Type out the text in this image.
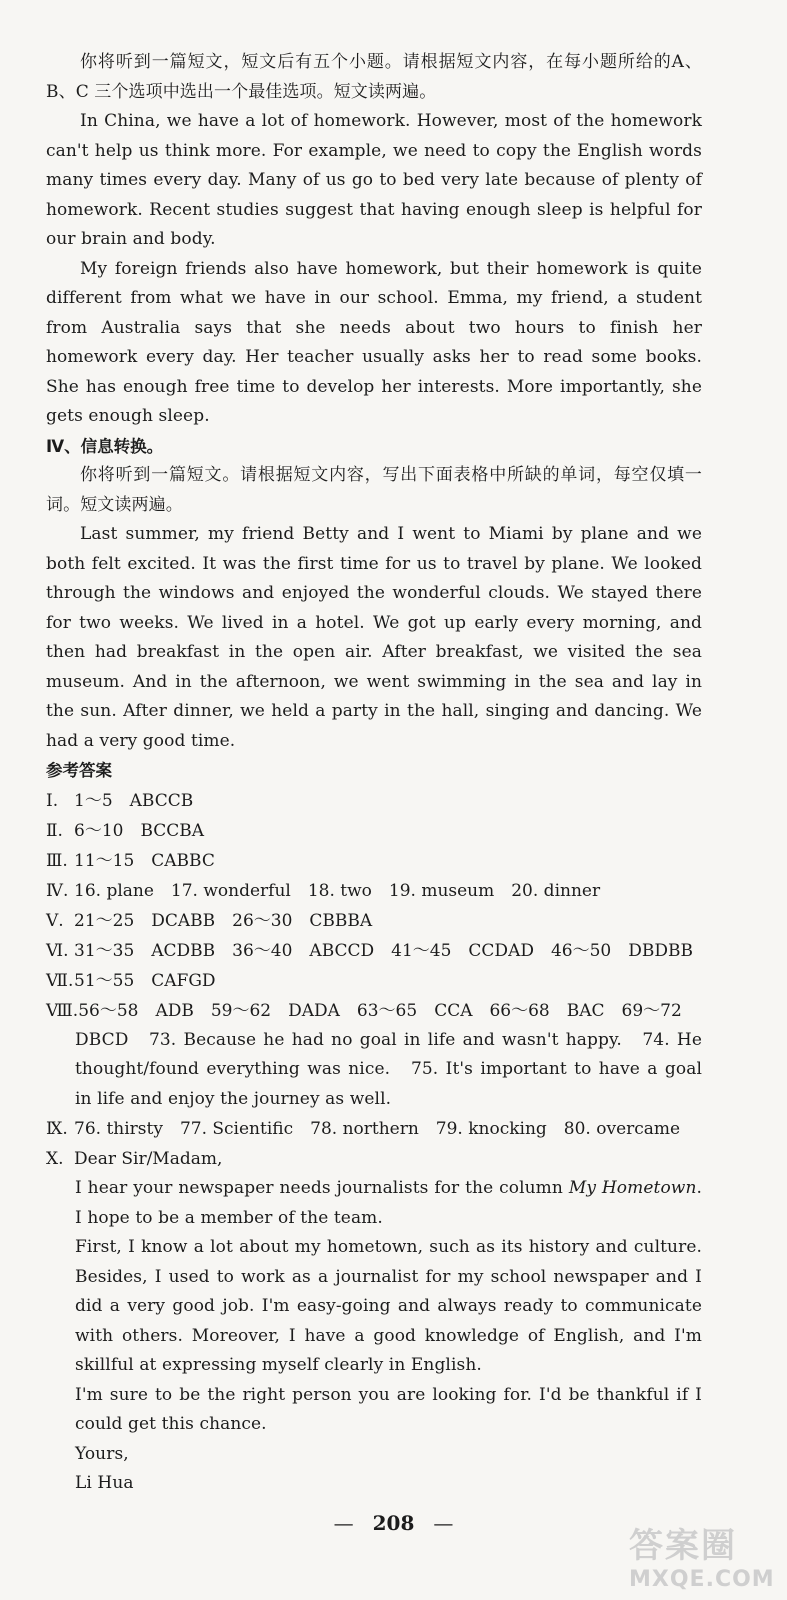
你将听到一篇短文，短文后有五个小题。请根据短文内容，在每小题所给的A、B、C 三个选项中选出一个最佳选项。短文读两遍。

In China, we have a lot of homework. However, most of the homework can't help us think more. For example, we need to copy the English words many times every day. Many of us go to bed very late because of plenty of homework. Recent studies suggest that having enough sleep is helpful for our brain and body.

My foreign friends also have homework, but their homework is quite different from what we have in our school. Emma, my friend, a student from Australia says that she needs about two hours to finish her homework every day. Her teacher usually asks her to read some books. She has enough free time to develop her interests. More importantly, she gets enough sleep.

Ⅳ、信息转换。

你将听到一篇短文。请根据短文内容，写出下面表格中所缺的单词，每空仅填一词。短文读两遍。

Last summer, my friend Betty and I went to Miami by plane and we both felt excited. It was the first time for us to travel by plane. We looked through the windows and enjoyed the wonderful clouds. We stayed there for two weeks. We lived in a hotel. We got up early every morning, and then had breakfast in the open air. After breakfast, we visited the sea museum. And in the afternoon, we went swimming in the sea and lay in the sun. After dinner, we held a party in the hall, singing and dancing. We had a very good time.

参考答案

Ⅰ. 1～5　ABCCB

Ⅱ. 6～10　BCCBA

Ⅲ. 11～15　CABBC

Ⅳ. 16. plane　17. wonderful　18. two　19. museum　20. dinner

Ⅴ. 21～25　DCABB　26～30　CBBBA

Ⅵ. 31～35　ACDBB　36～40　ABCCD　41～45　CCDAD　46～50　DBDBB

Ⅶ.51～55　CAFGD

Ⅷ.56～58　ADB　59～62　DADA　63～65　CCA　66～68　BAC　69～72

DBCD　73. Because he had no goal in life and wasn't happy.　74. He thought/found everything was nice.　75. It's important to have a goal in life and enjoy the journey as well.

Ⅸ. 76. thirsty　77. Scientific　78. northern　79. knocking　80. overcame

Ⅹ. Dear Sir/Madam,

I hear your newspaper needs journalists for the column My Hometown. I hope to be a member of the team.

First, I know a lot about my hometown, such as its history and culture. Besides, I used to work as a journalist for my school newspaper and I did a very good job. I'm easy-going and always ready to communicate with others. Moreover, I have a good knowledge of English, and I'm skillful at expressing myself clearly in English.

I'm sure to be the right person you are looking for. I'd be thankful if I could get this chance.

Yours,

Li Hua

— 208 —
答案圈
MXQE.COM
